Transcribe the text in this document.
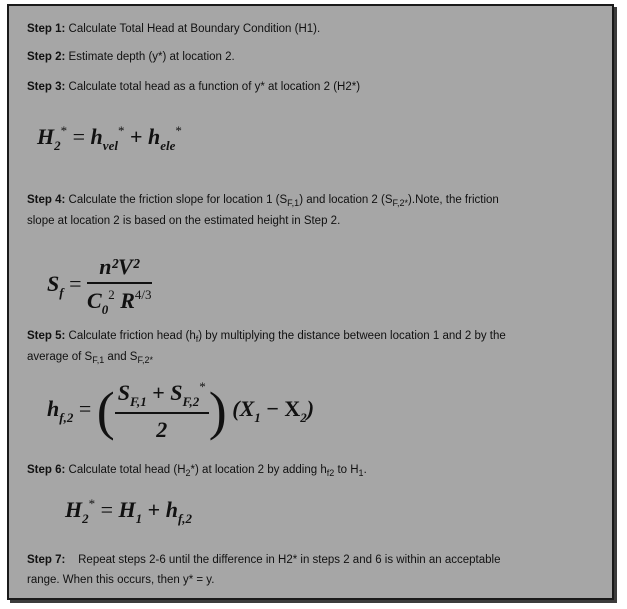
Step 1: Calculate Total Head at Boundary Condition (H1).
Step 2: Estimate depth (y*) at location 2.
Step 3: Calculate total head as a function of y* at location 2 (H2*)
$H_2^* = h_{vel}^* + h_{ele}^*$
Step 4: Calculate the friction slope for location 1 $(S_{F,1})$ and location 2 $(S_{F,2*}).Note$, the friction
slope at location 2 is based on the estimated height in Step 2.
$S_f = \frac{\text{n²V²}}{C_0^2 R^{4/3}}$
Step 5: Calculate friction head $(h_f)$ by multiplying the distance between location 1 and 2 by the
average of $S_{F,1}$ and $S_{F,2*}$
$h_{f,2}$ = ( $\frac{S_{F,1} + S_{F,2}^*}{2}$ ) $(X_1 - X_2)$
Step 6: Calculate total head $(H_2*)$ at location 2 by adding $h_{f2}$ to $H_1$.
$H_2^* = H_1 + h_{f,2}$
Step 7:    Repeat steps 2-6 until the difference in H2* in steps 2 and 6 is within an acceptable
range. When this occurs, then y* = y.
